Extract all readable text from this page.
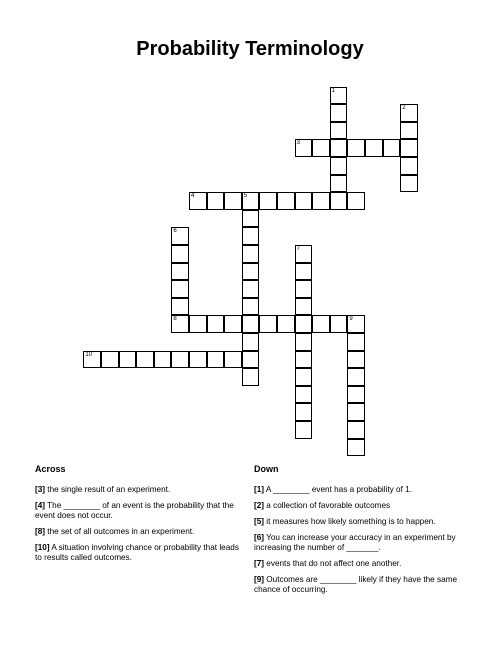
Probability Terminology
1
2
3
4	5
6
8
7
9
10
Across
[3] the single result of an experiment.
[4] The ________ of an event is the probability that the event does not occur.
[8] the set of all outcomes in an experiment.
[10] A situation involving chance or probability that leads to results called outcomes.
Down
[1] A ________ event has a probability of 1.
[2] a collection of favorable outcomes
[5] it measures how likely something is to happen.
[6] You can increase your accuracy in an experiment by increasing the number of _______.
[7] events that do not affect one another.
[9] Outcomes are ________ likely if they have the same chance of occurring.
